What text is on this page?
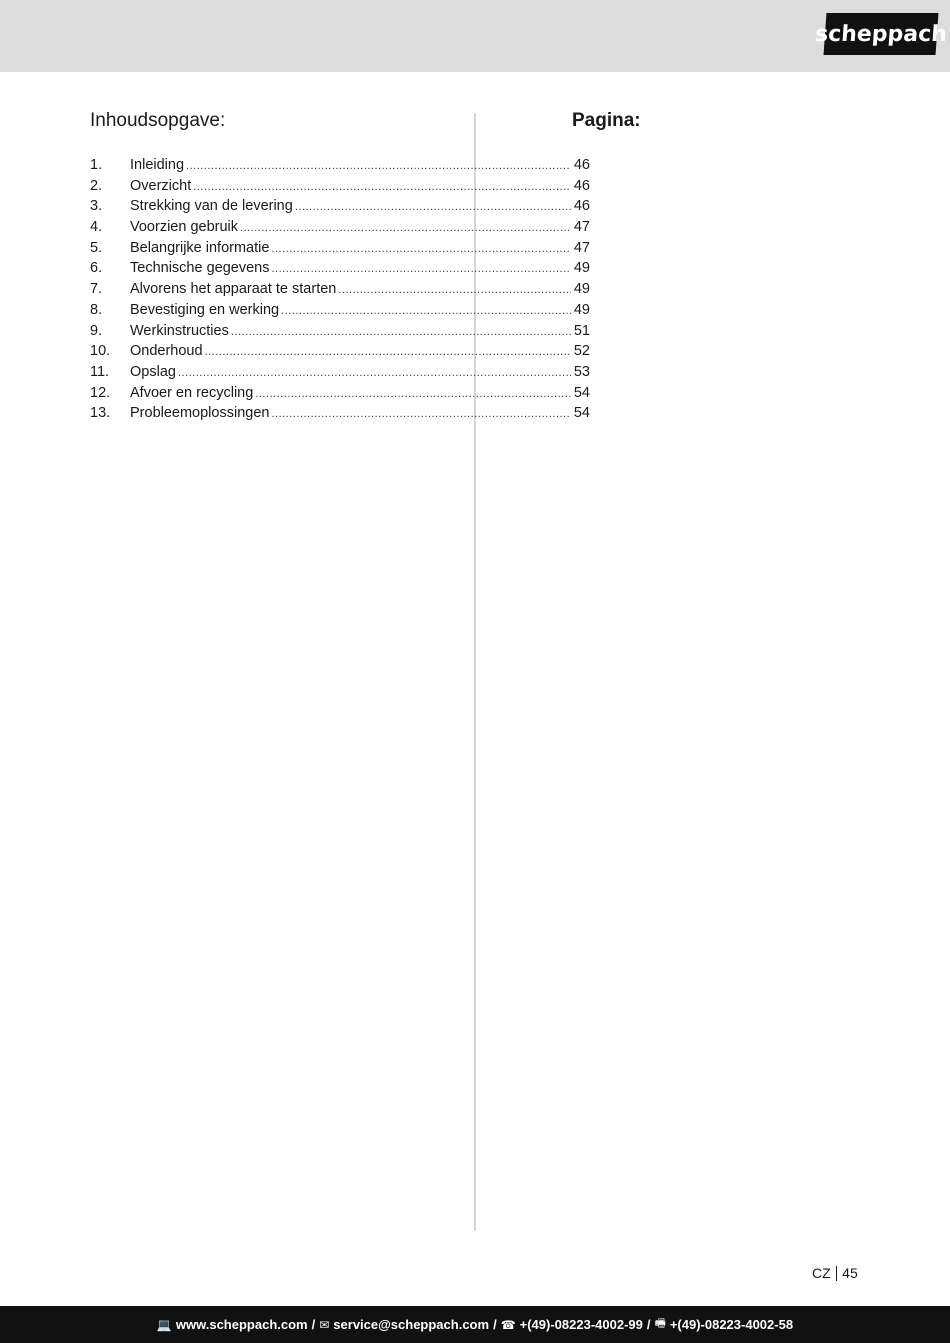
scheppach
Inhoudsopgave:	Pagina:
1.	Inleiding .....	46
2.	Overzicht .....	46
3.	Strekking van de levering .....	46
4.	Voorzien gebruik .....	47
5.	Belangrijke informatie .....	47
6.	Technische gegevens .....	49
7.	Alvorens het apparaat te starten .....	49
8.	Bevestiging en werking .....	49
9.	Werkinstructies .....	51
10.	Onderhoud .....	52
11.	Opslag .....	53
12.	Afvoer en recycling .....	54
13.	Probleemoplossingen .....	54
CZ 45
💻 www.scheppach.com / ✉ service@scheppach.com / ☎ +(49)-08223-4002-99 / 🖷 +(49)-08223-4002-58
